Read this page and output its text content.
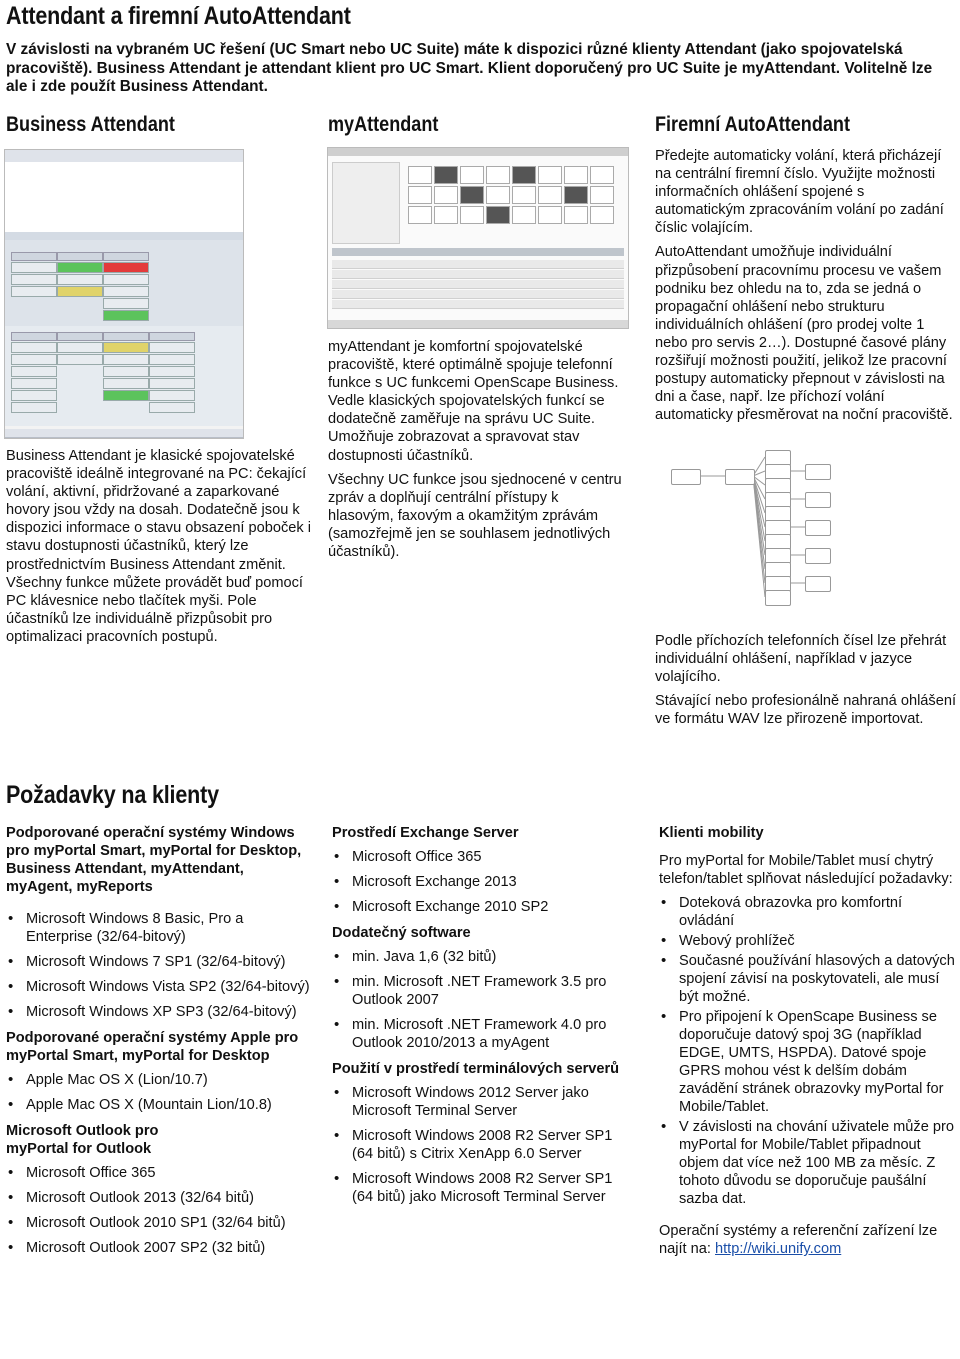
Attendant a firemní AutoAttendant
V závislosti na vybraném UC řešení (UC Smart nebo UC Suite) máte k dispozici různé klienty Attendant (jako spojovatelská pracoviště). Business Attendant je attendant klient pro UC Smart. Klient doporučený pro UC Suite je myAttendant. Volitelně lze ale i zde použít Business Attendant.
Business Attendant	myAttendant	Firemní AutoAttendant
Business Attendant je klasické spojovatelské pracoviště ideálně integrované na PC: čekající volání, aktivní, přidržované a zaparkované hovory jsou vždy na dosah. Dodatečně jsou k dispozici informace o stavu obsazení poboček i stavu dostupnosti účastníků, který lze prostřednictvím Business Attendant změnit. Všechny funkce můžete provádět buď pomocí PC klávesnice nebo tlačítek myši. Pole účastníků lze individuálně přizpůsobit pro optimalizaci pracovních postupů.

myAttendant je komfortní spojovatelské pracoviště, které optimálně spojuje telefonní funkce s UC funkcemi OpenScape Business. Vedle klasických spojovatelských funkcí se dodatečně zaměřuje na správu UC Suite. Umožňuje zobrazovat a spravovat stav dostupnosti účastníků.

Všechny UC funkce jsou sjednocené v centru zpráv a doplňují centrální přístupy k hlasovým, faxovým a okamžitým zprávám (samozřejmě jen se souhlasem jednotlivých účastníků).

Předejte automaticky volání, která přicházejí na centrální firemní číslo. Využijte možnosti informačních ohlášení spojené s automatickým zpracováním volání po zadání číslic volajícím.

AutoAttendant umožňuje individuální přizpůsobení pracovnímu procesu ve vašem podniku bez ohledu na to, zda se jedná o propagační ohlášení nebo strukturu individuálních ohlášení (pro prodej volte 1 nebo pro servis 2…). Dostupné časové plány rozšiřují možnosti použití, jelikož lze pracovní postupy automaticky přepnout v závislosti na dni a čase, např. lze příchozí volání automaticky přesměrovat na noční pracoviště.

Podle příchozích telefonních čísel lze přehrát individuální ohlášení, například v jazyce volajícího.

Stávající nebo profesionálně nahraná ohlášení ve formátu WAV lze přirozeně importovat.

Požadavky na klienty
Podporované operační systémy Windows pro myPortal Smart, myPortal for Desktop, Business Attendant, myAttendant, myAgent, myReports
• Microsoft Windows 8 Basic, Pro a Enterprise (32/64-bitový)
• Microsoft Windows 7 SP1 (32/64-bitový)
• Microsoft Windows Vista SP2 (32/64-bitový)
• Microsoft Windows XP SP3 (32/64-bitový)
Podporované operační systémy Apple pro myPortal Smart, myPortal for Desktop
• Apple Mac OS X (Lion/10.7)
• Apple Mac OS X (Mountain Lion/10.8)
Microsoft Outlook pro myPortal for Outlook
• Microsoft Office 365
• Microsoft Outlook 2013 (32/64 bitů)
• Microsoft Outlook 2010 SP1 (32/64 bitů)
• Microsoft Outlook 2007 SP2 (32 bitů)
Prostředí Exchange Server
• Microsoft Office 365
• Microsoft Exchange 2013
• Microsoft Exchange 2010 SP2
Dodatečný software
• min. Java 1,6 (32 bitů)
• min. Microsoft .NET Framework 3.5 pro Outlook 2007
• min. Microsoft .NET Framework 4.0 pro Outlook 2010/2013 a myAgent
Použití v prostředí terminálových serverů
• Microsoft Windows 2012 Server jako Microsoft Terminal Server
• Microsoft Windows 2008 R2 Server SP1 (64 bitů) s Citrix XenApp 6.0 Server
• Microsoft Windows 2008 R2 Server SP1 (64 bitů) jako Microsoft Terminal Server
Klienti mobility
Pro myPortal for Mobile/Tablet musí chytrý telefon/tablet splňovat následující požadavky:
• Doteková obrazovka pro komfortní ovládání
• Webový prohlížeč
• Současné používání hlasových a datových spojení závisí na poskytovateli, ale musí být možné.
• Pro připojení k OpenScape Business se doporučuje datový spoj 3G (například EDGE, UMTS, HSPDA). Datové spoje GPRS mohou vést k delším dobám zavádění stránek obrazovky myPortal for Mobile/Tablet.
• V závislosti na chování uživatele může pro myPortal for Mobile/Tablet připadnout objem dat více než 100 MB za měsíc. Z tohoto důvodu se doporučuje paušální sazba dat.
Operační systémy a referenční zařízení lze najít na: http://wiki.unify.com
